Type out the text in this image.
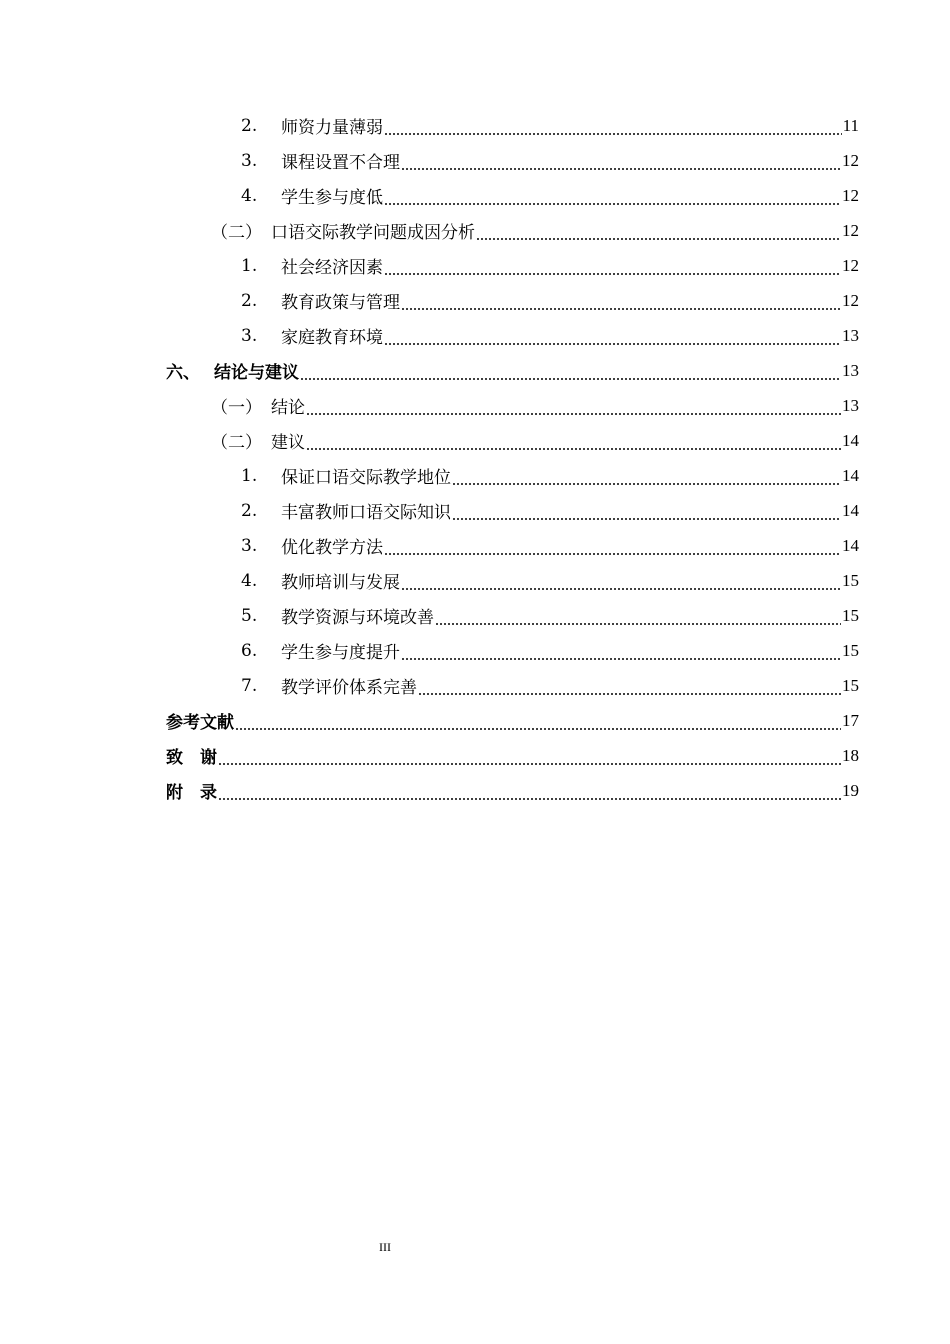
2.	师资力量薄弱	11
3.	课程设置不合理	12
4.	学生参与度低	12
（二） 口语交际教学问题成因分析	12
1.	社会经济因素	12
2.	教育政策与管理	12
3.	家庭教育环境	13
六、 结论与建议	13
（一） 结论	13
（二） 建议	14
1.	保证口语交际教学地位	14
2.	丰富教师口语交际知识	14
3.	优化教学方法	14
4.	教师培训与发展	15
5.	教学资源与环境改善	15
6.	学生参与度提升	15
7.	教学评价体系完善	15
参考文献	17
致　谢	18
附　录	19
III
